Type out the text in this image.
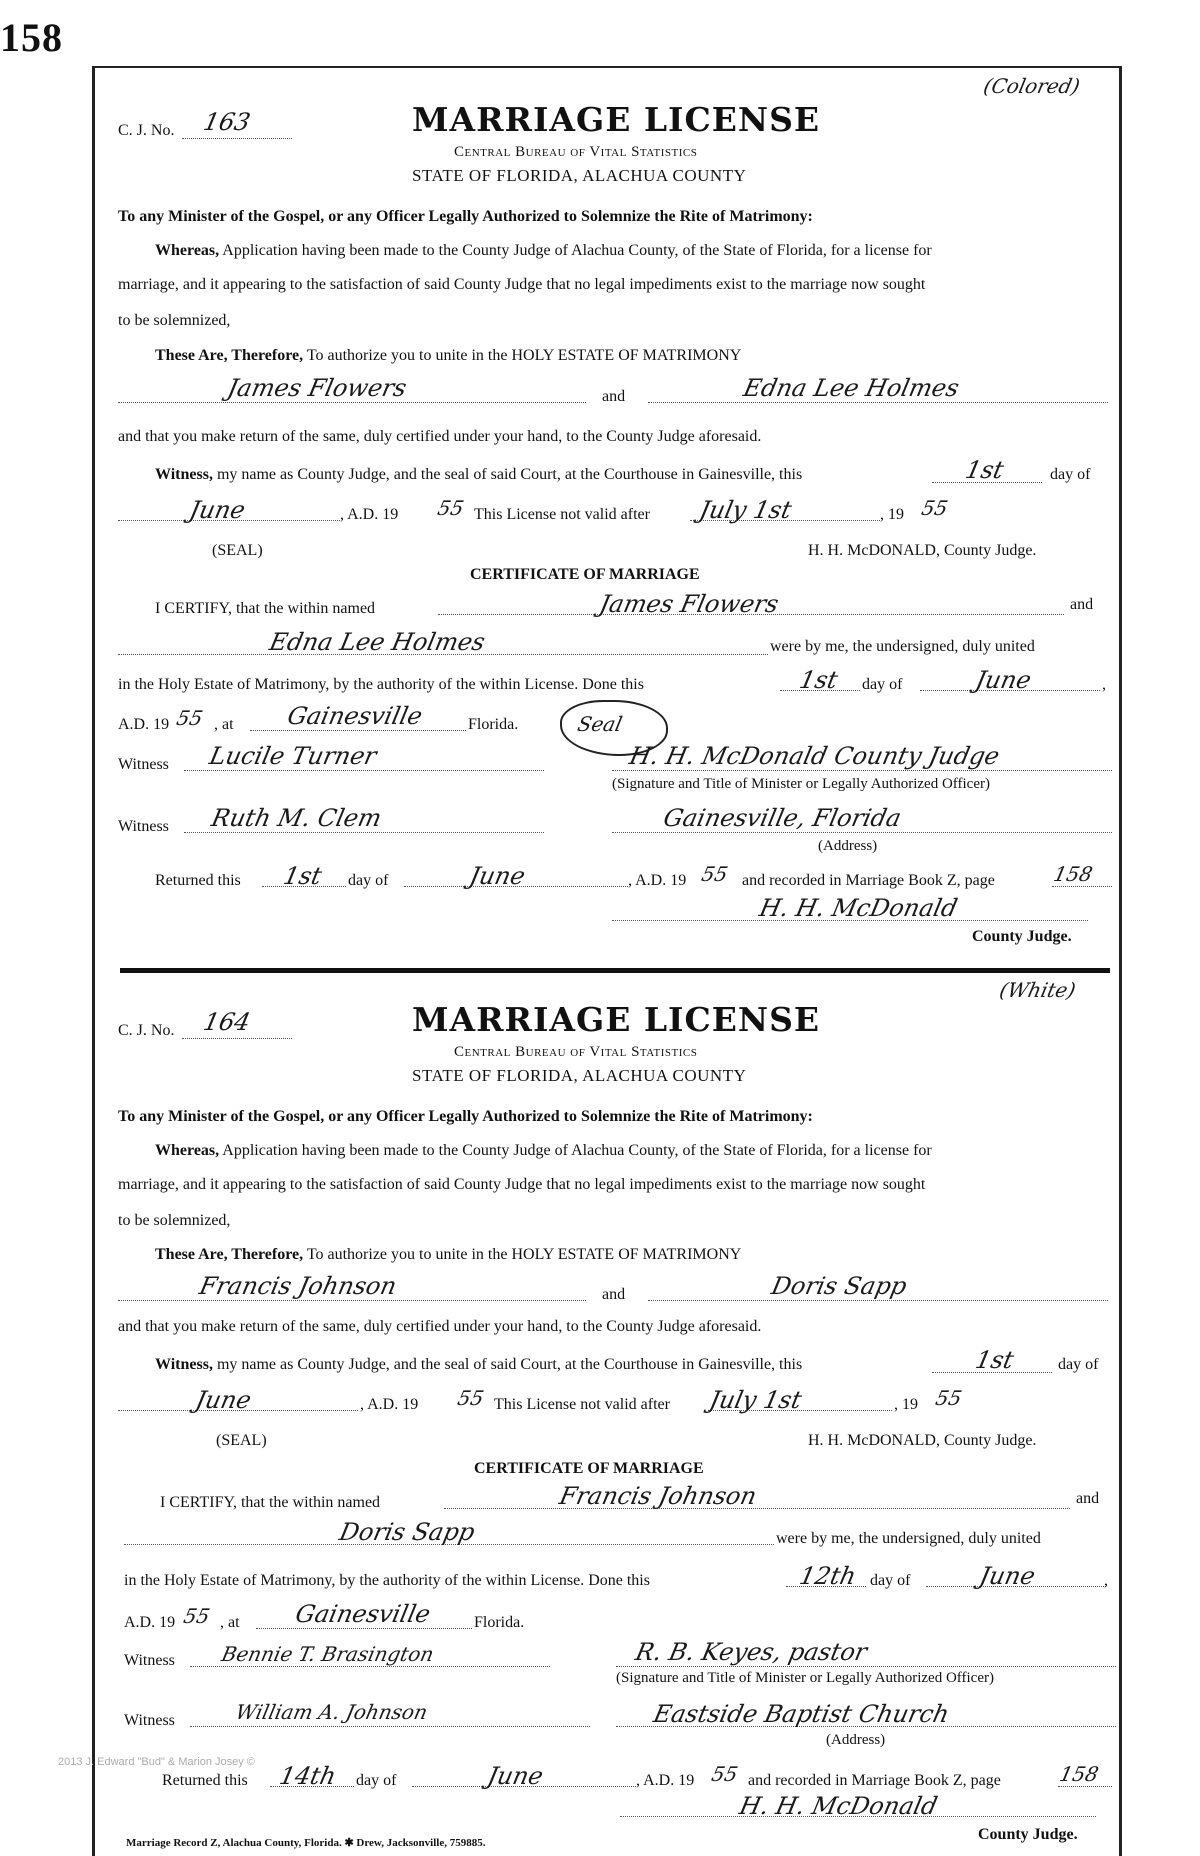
158
(Colored)
C. J. No. 163	MARRIAGE LICENSE
Central Bureau of Vital Statistics
STATE OF FLORIDA, ALACHUA COUNTY
To any Minister of the Gospel, or any Officer Legally Authorized to Solemnize the Rite of Matrimony:
Whereas, Application having been made to the County Judge of Alachua County, of the State of Florida, for a license for
marriage, and it appearing to the satisfaction of said County Judge that no legal impediments exist to the marriage now sought
to be solemnized,
These Are, Therefore, To authorize you to unite in the HOLY ESTATE OF MATRIMONY
James Flowers	and	Edna Lee Holmes
and that you make return of the same, duly certified under your hand, to the County Judge aforesaid.
Witness, my name as County Judge, and the seal of said Court, at the Courthouse in Gainesville, this	1st	day of
June	, A.D. 19 55 This License not valid after July 1st	, 19 55
(SEAL)	H. H. McDONALD, County Judge.
CERTIFICATE OF MARRIAGE
I CERTIFY, that the within named	James Flowers	and
Edna Lee Holmes	were by me, the undersigned, duly united
in the Holy Estate of Matrimony, by the authority of the within License. Done this	1st day of	June	,
A.D. 19 55 , at Gainesville	Florida.	Seal
Witness Lucile Turner	H. H. McDonald County Judge
(Signature and Title of Minister or Legally Authorized Officer)
Witness Ruth M. Clem	Gainesville, Florida
(Address)
Returned this 1st day of	June	, A.D. 19 55 and recorded in Marriage Book Z, page	158
H. H. McDonald
County Judge.
(White)
C. J. No. 164	MARRIAGE LICENSE
Central Bureau of Vital Statistics
STATE OF FLORIDA, ALACHUA COUNTY
To any Minister of the Gospel, or any Officer Legally Authorized to Solemnize the Rite of Matrimony:
Whereas, Application having been made to the County Judge of Alachua County, of the State of Florida, for a license for
marriage, and it appearing to the satisfaction of said County Judge that no legal impediments exist to the marriage now sought
to be solemnized,
These Are, Therefore, To authorize you to unite in the HOLY ESTATE OF MATRIMONY
Francis Johnson	and	Doris Sapp
and that you make return of the same, duly certified under your hand, to the County Judge aforesaid.
Witness, my name as County Judge, and the seal of said Court, at the Courthouse in Gainesville, this	1st	day of
June	, A.D. 19 55 This License not valid after July 1st	, 19 55
(SEAL)	H. H. McDONALD, County Judge.
CERTIFICATE OF MARRIAGE
I CERTIFY, that the within named	Francis Johnson	and
Doris Sapp	were by me, the undersigned, duly united
in the Holy Estate of Matrimony, by the authority of the within License. Done this	12th day of	June	,
A.D. 19 55 , at Gainesville	Florida.
Witness Bennie T. Brasington	R. B. Keyes, pastor
(Signature and Title of Minister or Legally Authorized Officer)
Witness	William A. Johnson	Eastside Baptist Church
(Address)
Returned this 14th day of	June	, A.D. 19 55 and recorded in Marriage Book Z, page	158
H. H. McDonald
County Judge.
2013 J. Edward "Bud" & Marion Josey ©
Marriage Record Z, Alachua County, Florida. ✱ Drew, Jacksonville, 759885.
